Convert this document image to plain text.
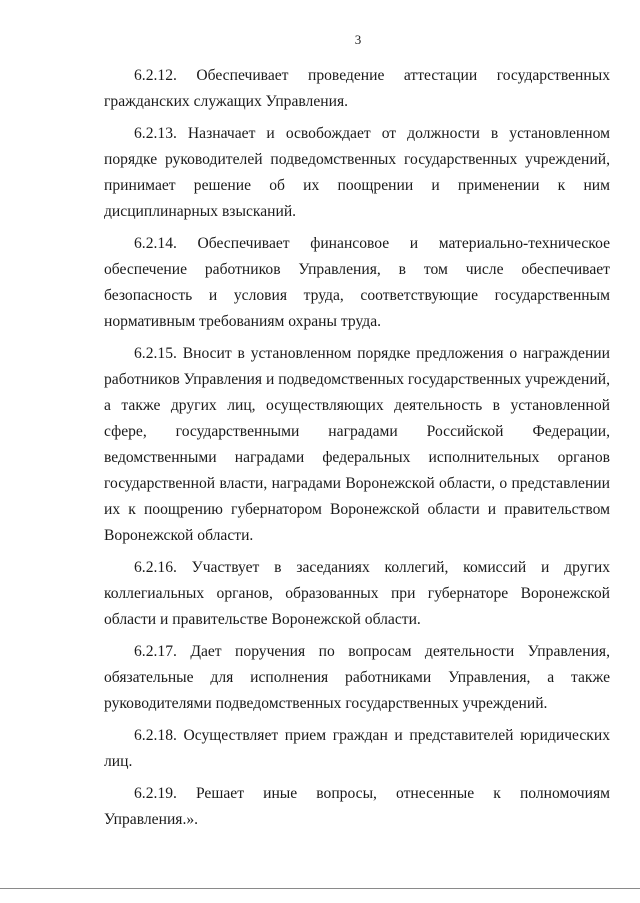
3

6.2.12. Обеспечивает проведение аттестации государственных гражданских служащих Управления.

6.2.13. Назначает и освобождает от должности в установленном порядке руководителей подведомственных государственных учреждений, принимает решение об их поощрении и применении к ним дисциплинарных взысканий.

6.2.14. Обеспечивает финансовое и материально-техническое обеспечение работников Управления, в том числе обеспечивает безопасность и условия труда, соответствующие государственным нормативным требованиям охраны труда.

6.2.15. Вносит в установленном порядке предложения о награждении работников Управления и подведомственных государственных учреждений, а также других лиц, осуществляющих деятельность в установленной сфере, государственными наградами Российской Федерации, ведомственными наградами федеральных исполнительных органов государственной власти, наградами Воронежской области, о представлении их к поощрению губернатором Воронежской области и правительством Воронежской области.

6.2.16. Участвует в заседаниях коллегий, комиссий и других коллегиальных органов, образованных при губернаторе Воронежской области и правительстве Воронежской области.

6.2.17. Дает поручения по вопросам деятельности Управления, обязательные для исполнения работниками Управления, а также руководителями подведомственных государственных учреждений.

6.2.18. Осуществляет прием граждан и представителей юридических лиц.

6.2.19. Решает иные вопросы, отнесенные к полномочиям Управления.».
